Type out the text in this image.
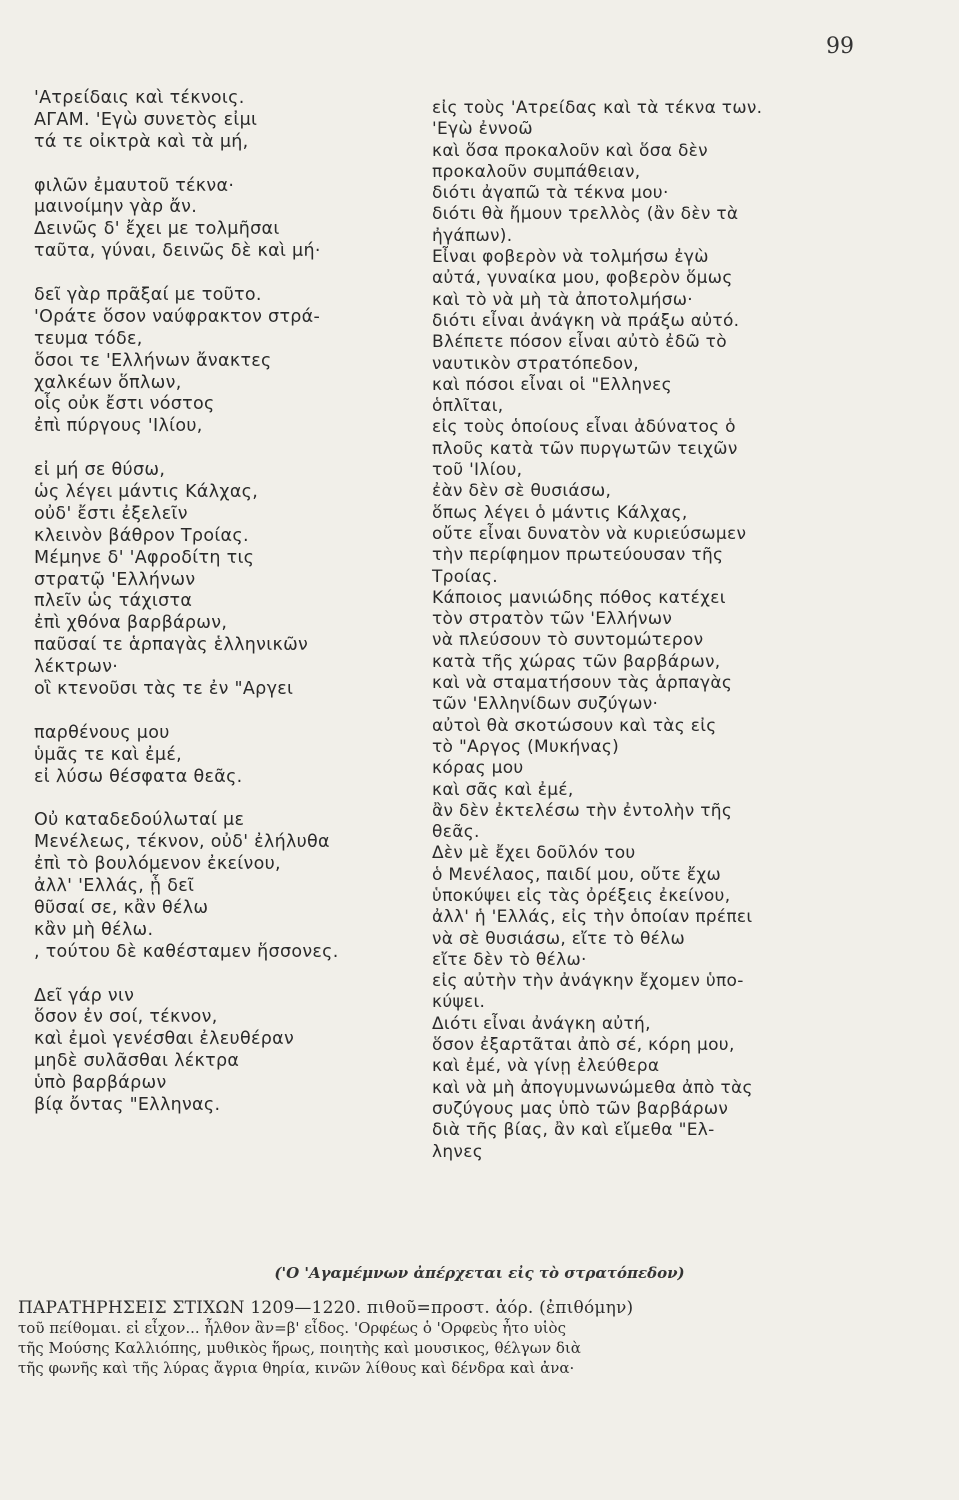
99
'Ατρείδαις καὶ τέκνοις.
ΑΓΑΜ. 'Εγὼ συνετὸς εἰμι
τά τε οἰκτρὰ καὶ τὰ μή,
φιλῶν ἐμαυτοῦ τέκνα·
μαινοίμην γὰρ ἄν.
Δεινῶς δ' ἔχει με τολμῆσαι
ταῦτα, γύναι, δεινῶς δὲ καὶ μή·
δεῖ γὰρ πρᾶξαί με τοῦτο.
'Οράτε ὅσον ναύφρακτον στρά-
τευμα τόδε,
ὅσοι τε 'Ελλήνων ἄνακτες
χαλκέων ὅπλων,
οἷς οὐκ ἔστι νόστος
ἐπὶ πύργους 'Ιλίου,
εἰ μή σε θύσω,
ὡς λέγει μάντις Κάλχας,
οὐδ' ἔστι ἐξελεῖν
κλεινὸν βάθρον Τροίας.
Μέμηνε δ' 'Αφροδίτη τις
στρατῷ 'Ελλήνων
πλεῖν ὡς τάχιστα
ἐπὶ χθόνα βαρβάρων,
παῦσαί τε ἁρπαγὰς ἑλληνικῶν
λέκτρων·
οἳ κτενοῦσι τὰς τε ἐν "Αργει
παρθένους μου
ὑμᾶς τε καὶ ἐμέ,
εἰ λύσω θέσφατα θεᾶς.
Οὐ καταδεδούλωταί με
Μενέλεως, τέκνον, οὐδ' ἐλήλυθα
ἐπὶ τὸ βουλόμενον ἐκείνου,
ἀλλ' 'Ελλάς, ᾗ δεῖ
θῦσαί σε, κἂν θέλω
κἂν μὴ θέλω.
, τούτου δὲ καθέσταμεν ἥσσονες.
Δεῖ γάρ νιν
ὅσον ἐν σοί, τέκνον,
καὶ ἐμοὶ γενέσθαι ἐλευθέραν
μηδὲ συλᾶσθαι λέκτρα
ὑπὸ βαρβάρων
βίᾳ ὄντας "Ελληνας.
εἰς τοὺς 'Ατρείδας καὶ τὰ τέκνα των.
'Εγὼ ἐννοῶ
καὶ ὅσα προκαλοῦν καὶ ὅσα δὲν
προκαλοῦν συμπάθειαν,
διότι ἀγαπῶ τὰ τέκνα μου·
διότι θὰ ἤμουν τρελλὸς (ἂν δὲν τὰ
ἠγάπων).
Εἶναι φοβερὸν νὰ τολμήσω ἐγὼ
αὐτά, γυναίκα μου, φοβερὸν ὅμως
καὶ τὸ νὰ μὴ τὰ ἀποτολμήσω·
διότι εἶναι ἀνάγκη νὰ πράξω αὐτό.
Βλέπετε πόσον εἶναι αὐτὸ ἐδῶ τὸ
ναυτικὸν στρατόπεδον,
καὶ πόσοι εἶναι οἱ "Ελληνες
ὁπλῖται,
εἰς τοὺς ὁποίους εἶναι ἀδύνατος ὁ
πλοῦς κατὰ τῶν πυργωτῶν τειχῶν
τοῦ 'Ιλίου,
ἐὰν δὲν σὲ θυσιάσω,
ὅπως λέγει ὁ μάντις Κάλχας,
οὔτε εἶναι δυνατὸν νὰ κυριεύσωμεν
τὴν περίφημον πρωτεύουσαν τῆς
Τροίας.
Κάποιος μανιώδης πόθος κατέχει
τὸν στρατὸν τῶν 'Ελλήνων
νὰ πλεύσουν τὸ συντομώτερον
κατὰ τῆς χώρας τῶν βαρβάρων,
καὶ νὰ σταματήσουν τὰς ἁρπαγὰς
τῶν 'Ελληνίδων συζύγων·
αὐτοὶ θὰ σκοτώσουν καὶ τὰς εἰς
τὸ "Αργος (Μυκήνας)
κόρας μου
καὶ σᾶς καὶ ἐμέ,
ἂν δὲν ἐκτελέσω τὴν ἐντολὴν τῆς
θεᾶς.
Δὲν μὲ ἔχει δοῦλόν του
ὁ Μενέλαος, παιδί μου, οὔτε ἔχω
ὑποκύψει εἰς τὰς ὀρέξεις ἐκείνου,
ἀλλ' ἡ 'Ελλάς, εἰς τὴν ὁποίαν πρέπει
νὰ σὲ θυσιάσω, εἴτε τὸ θέλω
εἴτε δὲν τὸ θέλω·
εἰς αὐτὴν τὴν ἀνάγκην ἔχομεν ὑπο-
κύψει.
Διότι εἶναι ἀνάγκη αὐτή,
ὅσον ἐξαρτᾶται ἀπὸ σέ, κόρη μου,
καὶ ἐμέ, νὰ γίνῃ ἐλεύθερα
καὶ νὰ μὴ ἀπογυμνωνώμεθα ἀπὸ τὰς
συζύγους μας ὑπὸ τῶν βαρβάρων
διὰ τῆς βίας, ἂν καὶ εἴμεθα "Ελ-
ληνες
('Ο 'Αγαμέμνων ἀπέρχεται εἰς τὸ στρατόπεδον)
ΠΑΡΑΤΗΡΗΣΕΙΣ ΣΤΙΧΩΝ 1209—1220. πιθοῦ=προστ. ἀόρ. (ἐπιθόμην)
τοῦ πείθομαι. εἰ εἶχον... ἦλθον ἂν=β' εἶδος. 'Ορφέως ὁ 'Ορφεὺς ἦτο υἱὸς
τῆς Μούσης Καλλιόπης, μυθικὸς ἥρως, ποιητὴς καὶ μουσικος, θέλγων διὰ
τῆς φωνῆς καὶ τῆς λύρας ἄγρια θηρία, κινῶν λίθους καὶ δένδρα καὶ ἀνα·
